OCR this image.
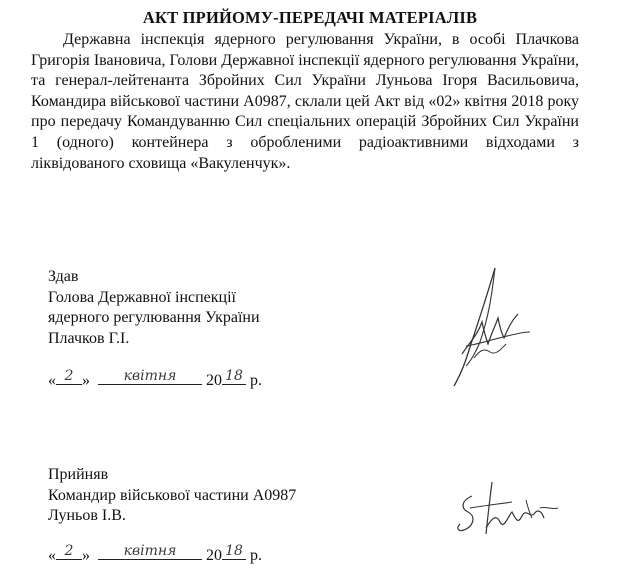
АКТ ПРИЙОМУ-ПЕРЕДАЧІ МАТЕРІАЛІВ

Державна інспекція ядерного регулювання України, в особі Плачкова Григорія Івановича, Голови Державної інспекції ядерного регулювання України, та генерал-лейтенанта Збройних Сил України Луньова Ігоря Васильовича, Командира військової частини А0987, склали цей Акт від «02» квітня 2018 року про передачу Командуванню Сил спеціальних операцій Збройних Сил України 1 (одного) контейнера з обробленими радіоактивними відходами з ліквідованого сховища «Вакуленчук».

Здав
Голова Державної інспекції
ядерного регулювання України
Плачков Г.І.
« 2 »	квітня	20 18 р.
Прийняв
Командир військової частини А0987
Луньов І.В.
« 2 »	квітня	20 18 р.
